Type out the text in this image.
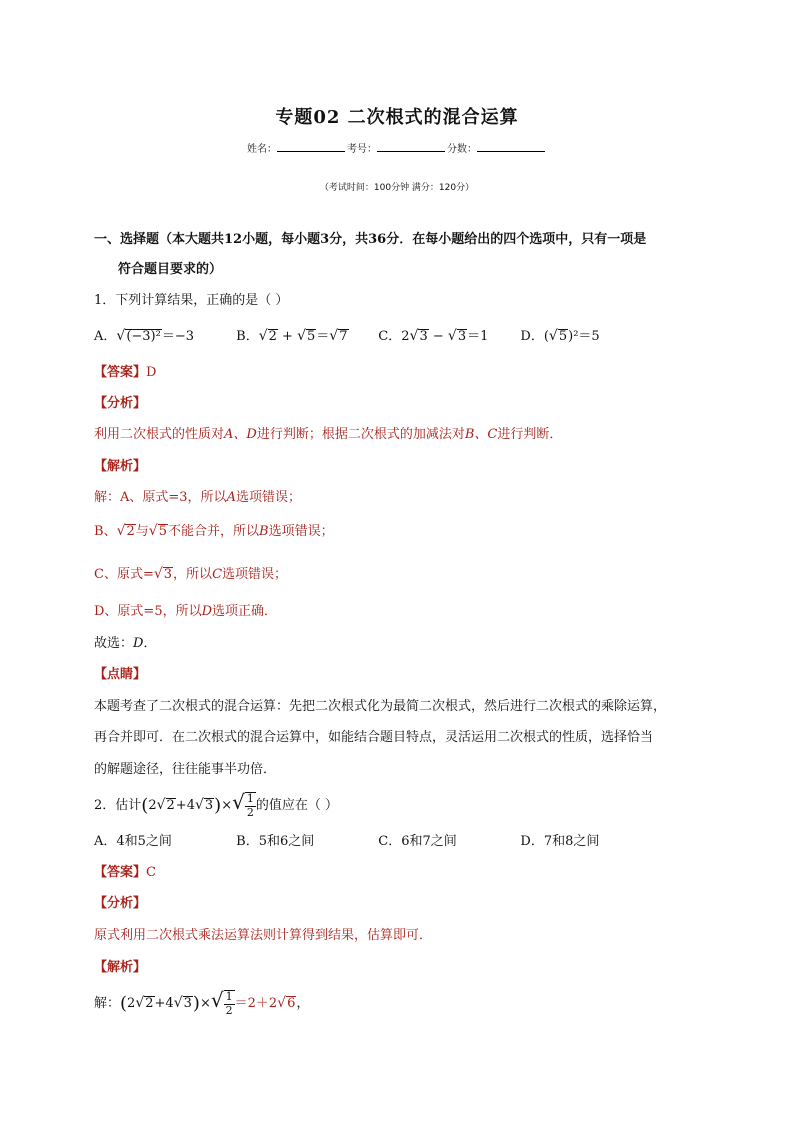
专题02 二次根式的混合运算
姓名：	考号：	分数：
（考试时间：100分钟 满分：120分）
一、选择题（本大题共12小题，每小题3分，共36分．在每小题给出的四个选项中，只有一项是
符合题目要求的）
1．下列计算结果，正确的是（ ）
A．√(−3)²＝−3	B．√2 + √5＝√7 C．2√3 − √3＝1 D．(√5)²＝5
【答案】D
【分析】
利用二次根式的性质对A、D进行判断；根据二次根式的加减法对B、C进行判断．
【解析】
解：A、原式=3，所以A选项错误；
B、√2与√5不能合并，所以B选项错误；
C、原式=√3，所以C选项错误；
D、原式=5，所以D选项正确．
故选：D．
【点睛】
本题考查了二次根式的混合运算：先把二次根式化为最简二次根式，然后进行二次根式的乘除运算，
再合并即可．在二次根式的混合运算中，如能结合题目特点，灵活运用二次根式的性质，选择恰当
的解题途径，往往能事半功倍．
2．估计$(2√2+4√3)\times√ \frac{1}{2}$ 的值应在（ ）
A．4和5之间	B．5和6之间	C．6和7之间	D．7和8之间
【答案】C
【分析】
原式利用二次根式乘法运算法则计算得到结果，估算即可．
【解析】
解：$(2√2+4√3)\times√ \frac{1}{2} =2+2√6$，
